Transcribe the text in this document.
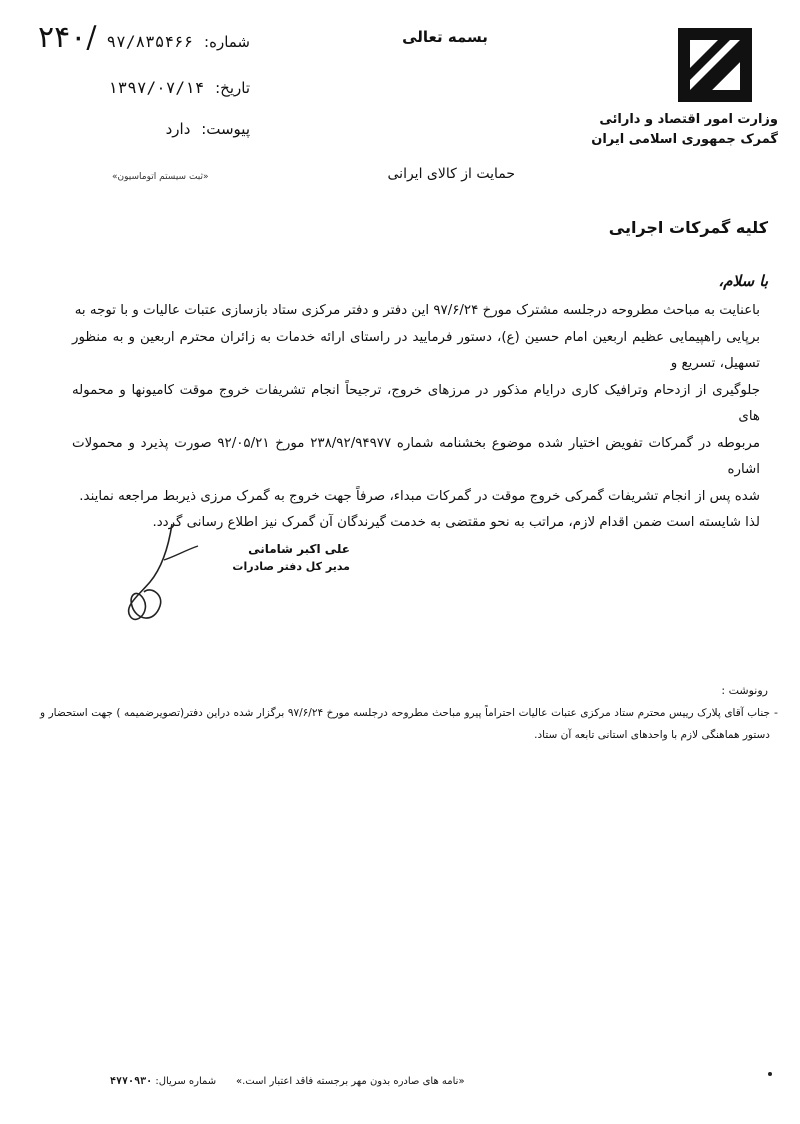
بسمه تعالی
وزارت امور اقتصاد و دارائی
گمرک جمهوری اسلامی ایران
۲۴۰/	شماره: ۹۷/۸۳۵۴۶۶
تاریخ: ۱۳۹۷/۰۷/۱۴
پیوست: دارد
«ثبت سیستم اتوماسیون»	حمایت از کالای ایرانی
کلیه گمرکات اجرایی
با سلام،
باعنایت به مباحث مطروحه درجلسه مشترک مورخ ۹۷/۶/۲۴ این دفتر و دفتر مرکزی ستاد بازسازی عتبات عالیات و با توجه به
برپایی راهپیمایی عظیم اربعین امام حسین (ع)، دستور فرمایید در راستای ارائه خدمات به زائران محترم اربعین و به منظور تسهیل، تسریع و
جلوگیری از ازدحام وترافیک کاری درایام مذکور در مرزهای خروج، ترجیحاً انجام تشریفات خروج موقت کامیونها و محموله های
مربوطه در گمرکات تفویض اختیار شده موضوع بخشنامه شماره ۲۳۸/۹۲/۹۴۹۷۷ مورخ ۹۲/۰۵/۲۱ صورت پذیرد و محمولات اشاره
شده پس از انجام تشریفات گمرکی خروج موقت در گمرکات مبداء، صرفاً جهت خروج به گمرک مرزی ذیربط مراجعه نمایند.
لذا شایسته است ضمن اقدام لازم، مراتب به نحو مقتضی به خدمت گیرندگان آن گمرک نیز اطلاع رسانی گردد.
علی اکبر شامانی
مدیر کل دفتر صادرات
رونوشت :
-
جناب آقای پلارک رییس محترم ستاد مرکزی عتبات عالیات احتراماً پیرو مباحث مطروحه درجلسه مورخ ۹۷/۶/۲۴ برگزار شده دراین دفتر(تصویرضمیمه ) جهت استحضار و دستور هماهنگی لازم با واحدهای استانی تابعه آن ستاد.
«نامه های صادره بدون مهر برجسته فاقد اعتبار است.»
شماره سریال: ۴۷۷۰۹۳۰
